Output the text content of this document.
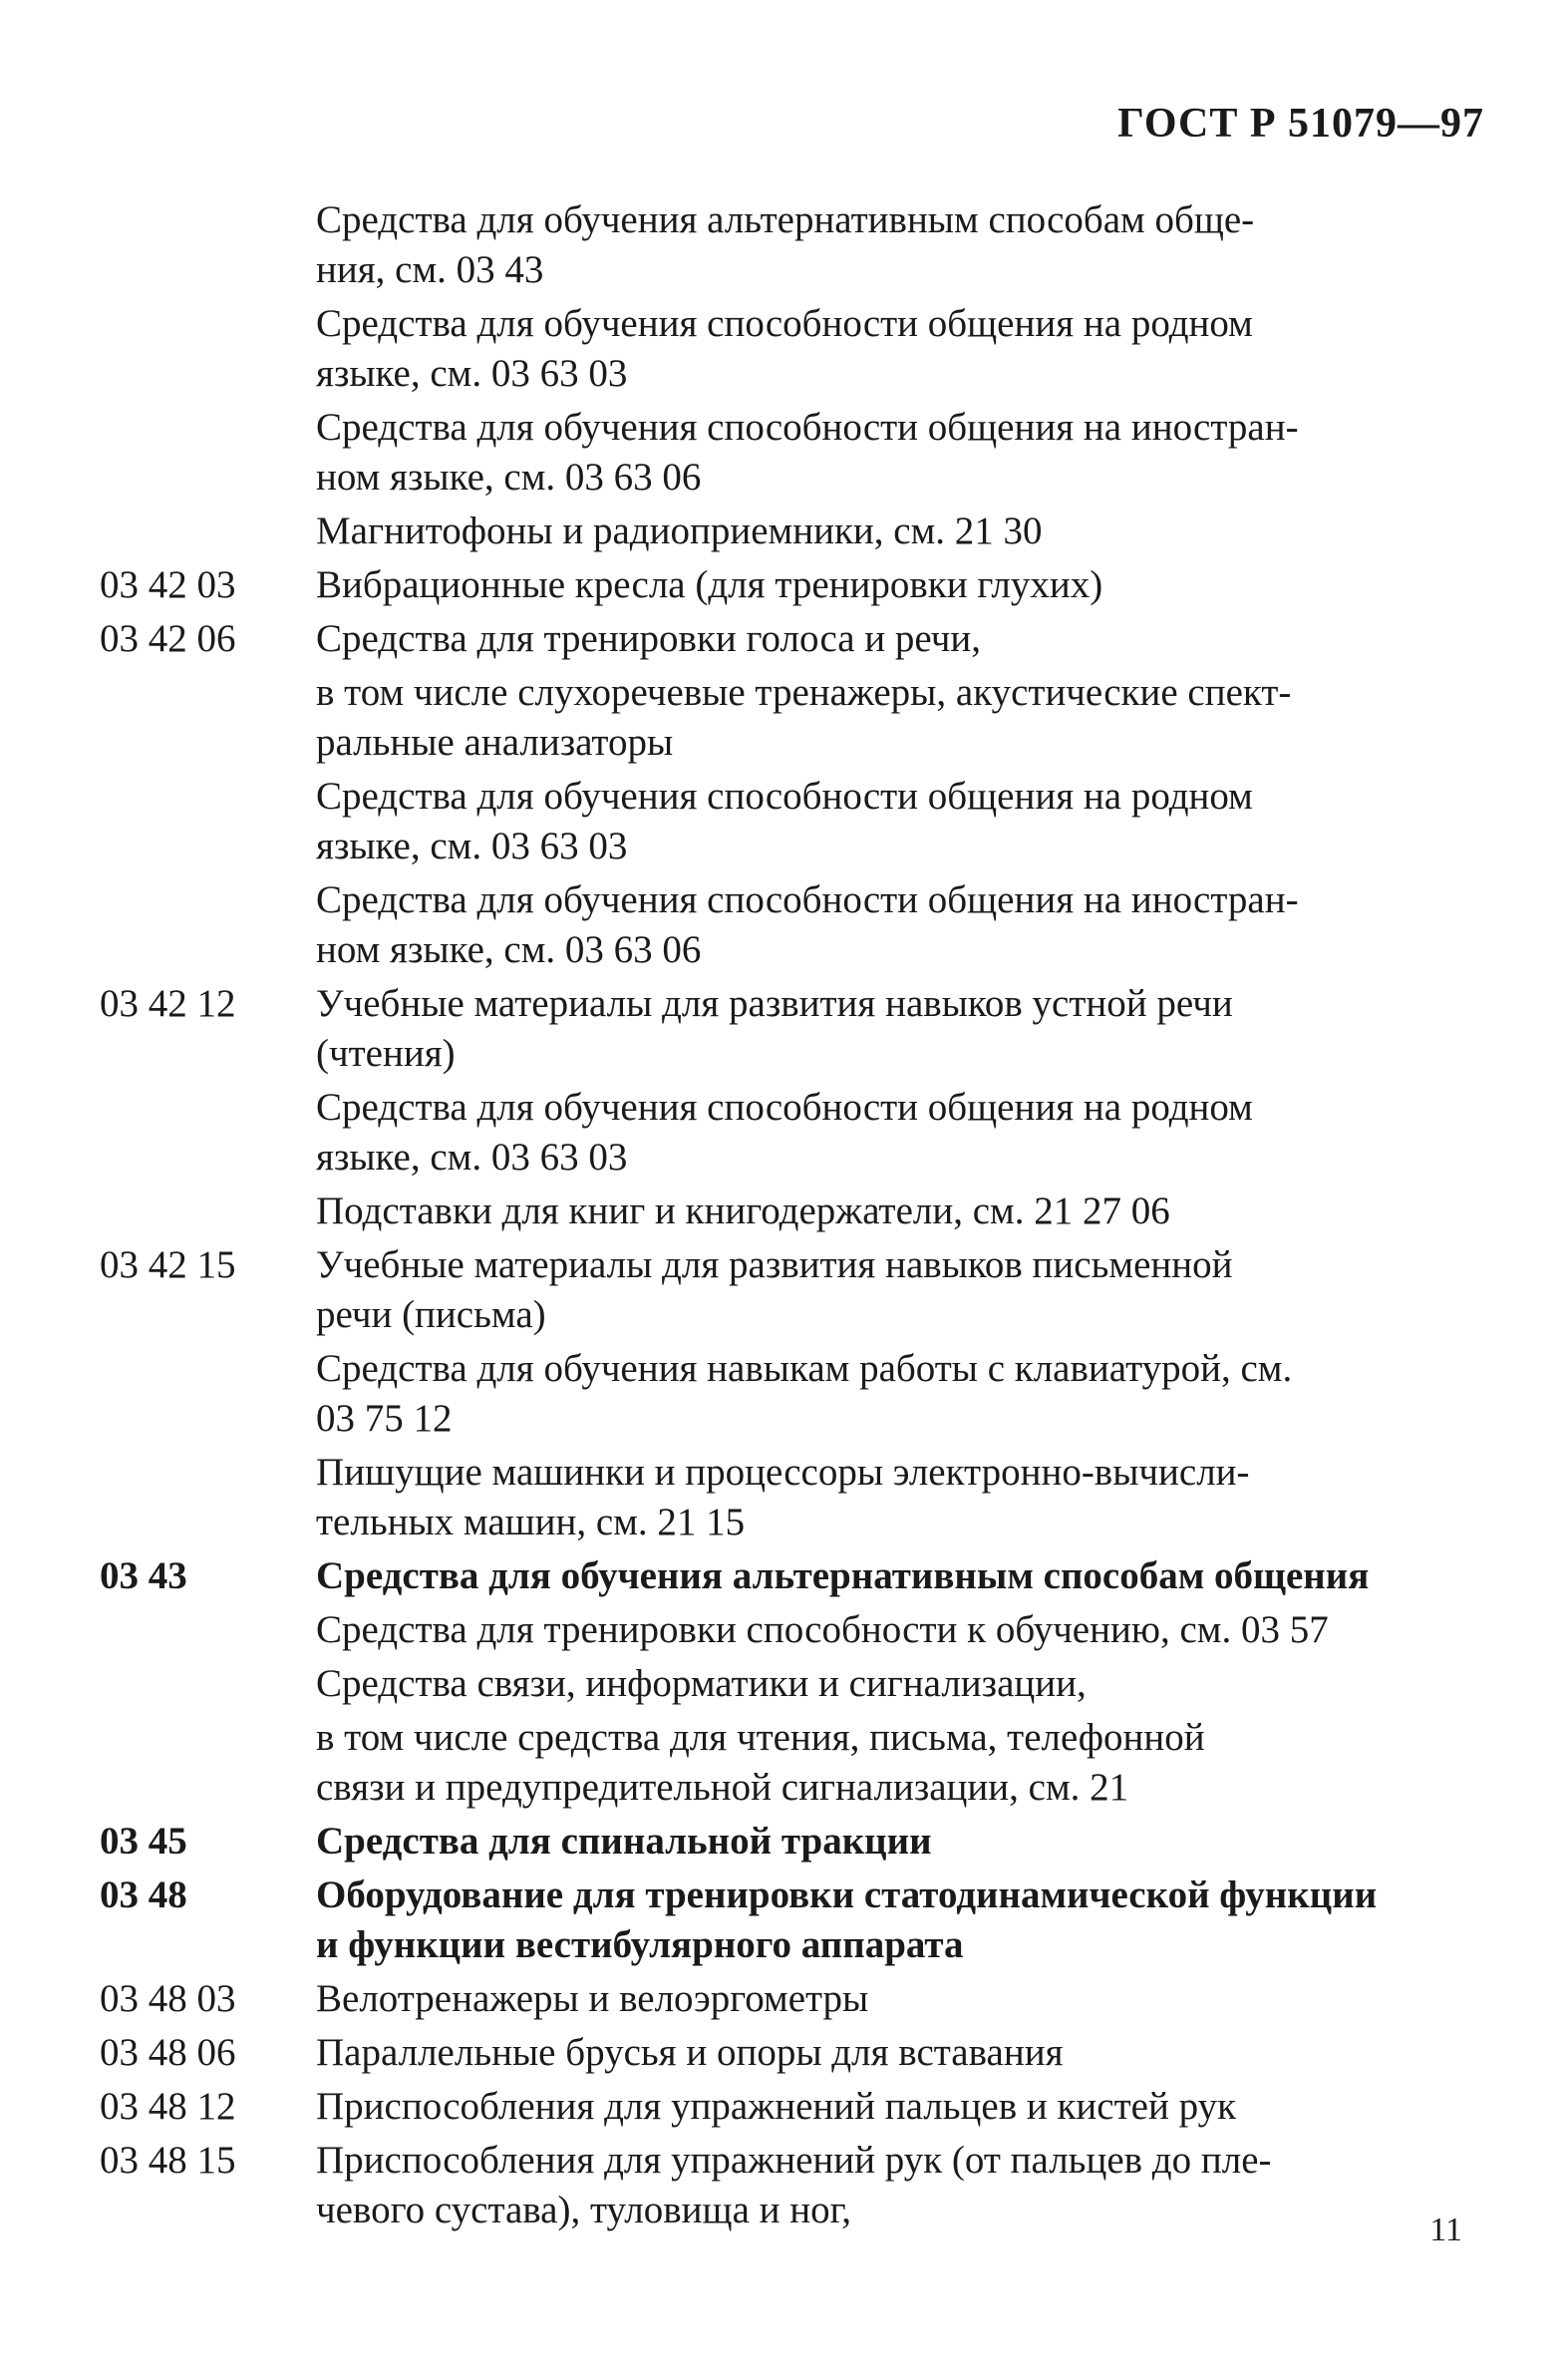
ГОСТ Р 51079—97
Средства для обучения альтернативным способам обще-
ния, см. 03 43
Средства для обучения способности общения на родном
языке, см. 03 63 03
Средства для обучения способности общения на иностран-
ном языке, см. 03 63 06
Магнитофоны и радиоприемники, см. 21 30
03 42 03	Вибрационные кресла (для тренировки глухих)
03 42 06	Средства для тренировки голоса и речи,
в том числе слухоречевые тренажеры, акустические спект-
ральные анализаторы
Средства для обучения способности общения на родном
языке, см. 03 63 03
Средства для обучения способности общения на иностран-
ном языке, см. 03 63 06
03 42 12	Учебные материалы для развития навыков устной речи
(чтения)
Средства для обучения способности общения на родном
языке, см. 03 63 03
Подставки для книг и книгодержатели, см. 21 27 06
03 42 15	Учебные материалы для развития навыков письменной
речи (письма)
Средства для обучения навыкам работы с клавиатурой, см.
03 75 12
Пишущие машинки и процессоры электронно-вычисли-
тельных машин, см. 21 15
03 43	Средства для обучения альтернативным способам общения
Средства для тренировки способности к обучению, см. 03 57
Средства связи, информатики и сигнализации,
в том числе средства для чтения, письма, телефонной
связи и предупредительной сигнализации, см. 21
03 45	Средства для спинальной тракции
03 48	Оборудование для тренировки статодинамической функции
и функции вестибулярного аппарата
03 48 03	Велотренажеры и велоэргометры
03 48 06	Параллельные брусья и опоры для вставания
03 48 12	Приспособления для упражнений пальцев и кистей рук
03 48 15	Приспособления для упражнений рук (от пальцев до пле-
чевого сустава), туловища и ног,	11
